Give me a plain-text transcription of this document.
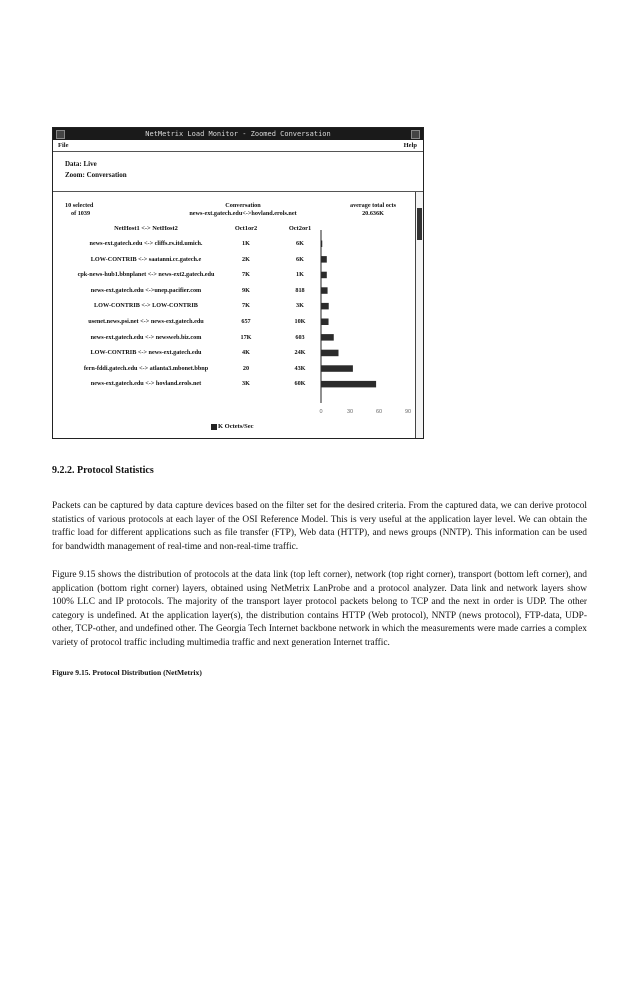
NetMetrix Load Monitor - Zoomed Conversation
File	Help
Data: Live
Zoom: Conversation
10 selected
of 1039
Conversation
news-ext.gatech.edu<->hovland.erols.net
average total octs
20.636K
NetHost1 <-> NetHost2	Oct1or2	Oct2or1
news-ext.gatech.edu <-> cliffs.rs.itd.umich.	1K	6K
LOW-CONTRIB <-> saatanni.cc.gatech.e	2K	6K
cpk-news-hub1.bbnplanet <-> news-ext2.gatech.edu	7K	1K
news-ext.gatech.edu <->unep.pacifier.com	9K	818
LOW-CONTRIB <-> LOW-CONTRIB	7K	3K
usenet.news.psi.net <-> news-ext.gatech.edu	657	10K
news-ext.gatech.edu <-> newsweb.biz.com	17K	603
LOW-CONTRIB <-> news-ext.gatech.edu	4K	24K
fern-fddi.gatech.edu <-> atlanta3.mbonet.bbnp	20	43K
news-ext.gatech.edu <-> hovland.erols.net	3K	60K
0	30	60	90
K Octets/Sec
9.2.2. Protocol Statistics

Packets can be captured by data capture devices based on the filter set for the desired criteria. From the captured data, we can derive protocol statistics of various protocols at each layer of the OSI Reference Model. This is very useful at the application layer level. We can obtain the traffic load for different applications such as file transfer (FTP), Web data (HTTP), and news groups (NNTP). This information can be used for bandwidth management of real-time and non-real-time traffic.

Figure 9.15 shows the distribution of protocols at the data link (top left corner), network (top right corner), transport (bottom left corner), and application (bottom right corner) layers, obtained using NetMetrix LanProbe and a protocol analyzer. Data link and network layers show 100% LLC and IP protocols. The majority of the transport layer protocol packets belong to TCP and the next in order is UDP. The other category is undefined. At the application layer(s), the distribution contains HTTP (Web protocol), NNTP (news protocol), FTP-data, UDP-other, TCP-other, and undefined other. The Georgia Tech Internet backbone network in which the measurements were made carries a complex variety of protocol traffic including multimedia traffic and next generation Internet traffic.

Figure 9.15. Protocol Distribution (NetMetrix)
